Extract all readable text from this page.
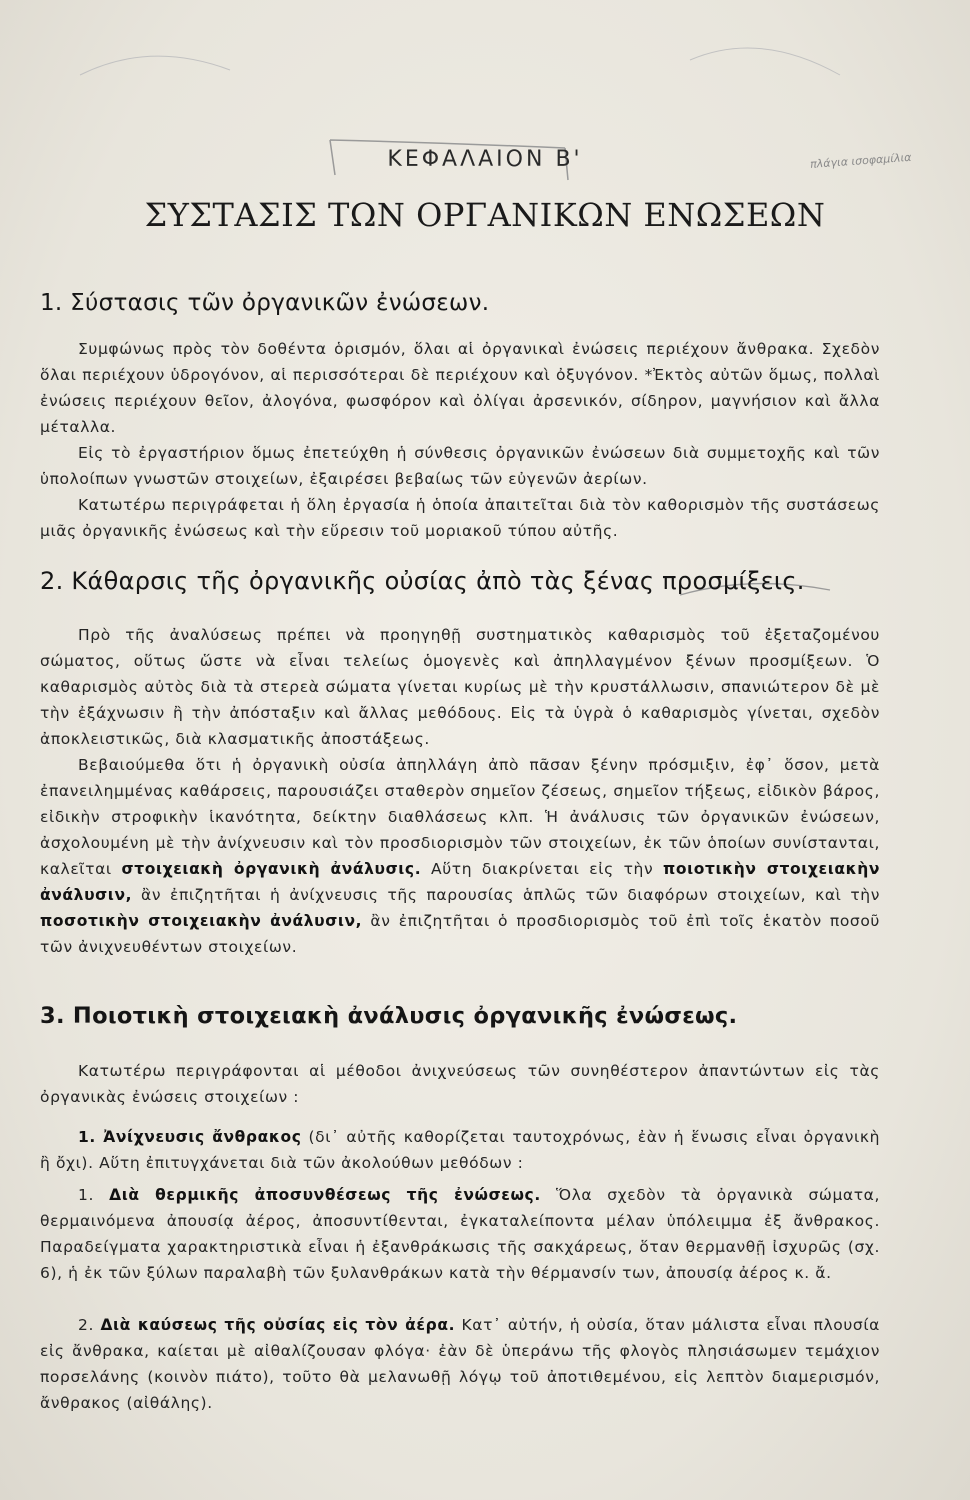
ΚΕΦΑΛΑΙΟΝ Β'
ΣΥΣΤΑΣΙΣ ΤΩΝ ΟΡΓΑΝΙΚΩΝ ΕΝΩΣΕΩΝ
πλάγια ισοφαμίλια
1. Σύστασις τῶν ὀργανικῶν ἐνώσεων.
Συμφώνως πρὸς τὸν δοθέντα ὁρισμόν, ὅλαι αἱ ὀργανικαὶ ἐνώσεις περιέχουν ἄνθρακα. Σχεδὸν ὅλαι περιέχουν ὑδρογόνον, αἱ περισσότεραι δὲ περιέχουν καὶ ὀξυγόνον. *Ἐκτὸς αὐτῶν ὅμως, πολλαὶ ἐνώσεις περιέχουν θεῖον, ἀλογόνα, φωσφόρον καὶ ὀλίγαι ἀρσενικόν, σίδηρον, μαγνήσιον καὶ ἄλλα μέταλλα.
Εἰς τὸ ἐργαστήριον ὅμως ἐπετεύχθη ἡ σύνθεσις ὀργανικῶν ἐνώσεων διὰ συμμετοχῆς καὶ τῶν ὑπολοίπων γνωστῶν στοιχείων, ἐξαιρέσει βεβαίως τῶν εὐγενῶν ἀερίων.
Κατωτέρω περιγράφεται ἡ ὅλη ἐργασία ἡ ὁποία ἀπαιτεῖται διὰ τὸν καθορισμὸν τῆς συστάσεως μιᾶς ὀργανικῆς ἐνώσεως καὶ τὴν εὕρεσιν τοῦ μοριακοῦ τύπου αὐτῆς.
2. Κάθαρσις τῆς ὀργανικῆς οὐσίας ἀπὸ τὰς ξένας προσμίξεις.
Πρὸ τῆς ἀναλύσεως πρέπει νὰ προηγηθῇ συστηματικὸς καθαρισμὸς τοῦ ἐξεταζομένου σώματος, οὕτως ὥστε νὰ εἶναι τελείως ὁμογενὲς καὶ ἀπηλλαγμένον ξένων προσμίξεων. Ὁ καθαρισμὸς αὐτὸς διὰ τὰ στερεὰ σώματα γίνεται κυρίως μὲ τὴν κρυστάλλωσιν, σπανιώτερον δὲ μὲ τὴν ἐξάχνωσιν ἢ τὴν ἀπόσταξιν καὶ ἄλλας μεθόδους. Εἰς τὰ ὑγρὰ ὁ καθαρισμὸς γίνεται, σχεδὸν ἀποκλειστικῶς, διὰ κλασματικῆς ἀποστάξεως.
Βεβαιούμεθα ὅτι ἡ ὀργανικὴ οὐσία ἀπηλλάγη ἀπὸ πᾶσαν ξένην πρόσμιξιν, ἐφ᾿ ὅσον, μετὰ ἐπανειλημμένας καθάρσεις, παρουσιάζει σταθερὸν σημεῖον ζέσεως, σημεῖον τήξεως, εἰδικὸν βάρος, εἰδικὴν στροφικὴν ἱκανότητα, δείκτην διαθλάσεως κλπ. Ἡ ἀνάλυσις τῶν ὀργανικῶν ἐνώσεων, ἀσχολουμένη μὲ τὴν ἀνίχνευσιν καὶ τὸν προσδιορισμὸν τῶν στοιχείων, ἐκ τῶν ὁποίων συνίστανται, καλεῖται στοιχειακὴ ὀργανικὴ ἀνάλυσις. Αὕτη διακρίνεται εἰς τὴν ποιοτικὴν στοιχειακὴν ἀνάλυσιν, ἂν ἐπιζητῆται ἡ ἀνίχνευσις τῆς παρουσίας ἁπλῶς τῶν διαφόρων στοιχείων, καὶ τὴν ποσοτικὴν στοιχειακὴν ἀνάλυσιν, ἂν ἐπιζητῆται ὁ προσδιορισμὸς τοῦ ἐπὶ τοῖς ἑκατὸν ποσοῦ τῶν ἀνιχνευθέντων στοιχείων.
3. Ποιοτικὴ στοιχειακὴ ἀνάλυσις ὀργανικῆς ἐνώσεως.
Κατωτέρω περιγράφονται αἱ μέθοδοι ἀνιχνεύσεως τῶν συνηθέστερον ἀπαντώντων εἰς τὰς ὀργανικὰς ἐνώσεις στοιχείων :
1. Ἀνίχνευσις ἄνθρακος (δι᾿ αὐτῆς καθορίζεται ταυτοχρόνως, ἐὰν ἡ ἕνωσις εἶναι ὀργανικὴ ἢ ὄχι). Αὕτη ἐπιτυγχάνεται διὰ τῶν ἀκολούθων μεθόδων :
1. Διὰ θερμικῆς ἀποσυνθέσεως τῆς ἐνώσεως. Ὅλα σχεδὸν τὰ ὀργανικὰ σώματα, θερμαινόμενα ἀπουσίᾳ ἀέρος, ἀποσυντίθενται, ἐγκαταλείποντα μέλαν ὑπόλειμμα ἐξ ἄνθρακος. Παραδείγματα χαρακτηριστικὰ εἶναι ἡ ἐξανθράκωσις τῆς σακχάρεως, ὅταν θερμανθῇ ἰσχυρῶς (σχ. 6), ἡ ἐκ τῶν ξύλων παραλαβὴ τῶν ξυλανθράκων κατὰ τὴν θέρμανσίν των, ἀπουσίᾳ ἀέρος κ. ἄ.
2. Διὰ καύσεως τῆς οὐσίας εἰς τὸν ἀέρα. Κατ᾿ αὐτήν, ἡ οὐσία, ὅταν μάλιστα εἶναι πλουσία εἰς ἄνθρακα, καίεται μὲ αἰθαλίζουσαν φλόγα· ἐὰν δὲ ὑπεράνω τῆς φλογὸς πλησιάσωμεν τεμάχιον πορσελάνης (κοινὸν πιάτο), τοῦτο θὰ μελανωθῇ λόγῳ τοῦ ἀποτιθεμένου, εἰς λεπτὸν διαμερισμόν, ἄνθρακος (αἰθάλης).
